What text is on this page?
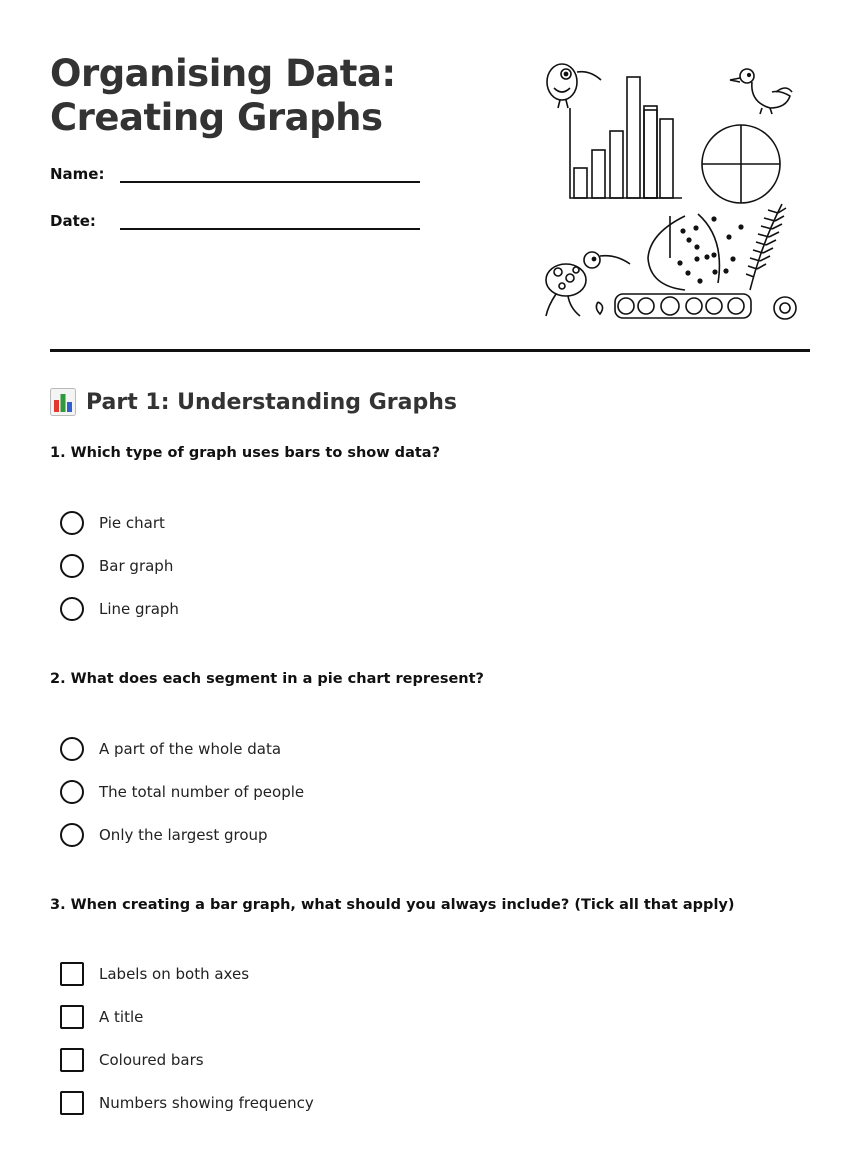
Organising Data:
Creating Graphs
Name:
Date:
Part 1: Understanding Graphs
1. Which type of graph uses bars to show data?
Pie chart
Bar graph
Line graph
2. What does each segment in a pie chart represent?
A part of the whole data
The total number of people
Only the largest group
3. When creating a bar graph, what should you always include? (Tick all that apply)
Labels on both axes
A title
Coloured bars
Numbers showing frequency
